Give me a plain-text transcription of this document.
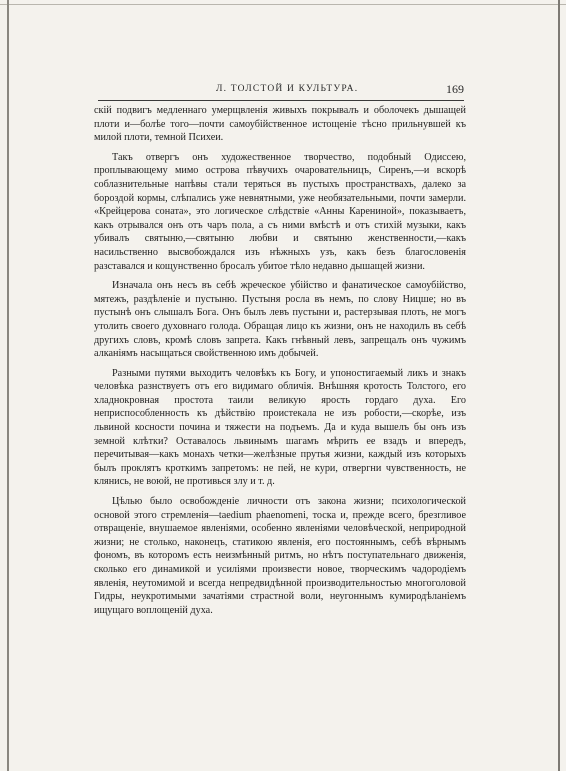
Л. ТОЛСТОЙ И КУЛЬТУРА.	169

скій подвигъ медленнаго умерщвленія живыхъ покрывалъ и оболочекъ дышащей плоти и—болѣе того—почти самоубійственное истощеніе тѣсно прильнувшей къ милой плоти, темной Психеи.

Такъ отвергъ онъ художественное творчество, подобный Одиссею, проплывающему мимо острова пѣвучихъ очаровательницъ, Сиренъ,—и вскорѣ соблазнительные напѣвы стали теряться въ пустыхъ пространствахъ, далеко за бороздой кормы, слѣпались уже невнятными, уже необязательными, почти замерли. «Крейцерова соната», это логическое слѣдствіе «Анны Карениной», показываетъ, какъ отрывался онъ отъ чаръ пола, а съ ними вмѣстѣ и отъ стихій музыки, какъ убивалъ святыню,—святыню любви и святыню женственности,—какъ насильственно высвобождался изъ нѣжныхъ узъ, какъ безъ благословенія разставался и кощунственно бросалъ убитое тѣло недавно дышащей жизни.

Изначала онъ несъ въ себѣ жреческое убійство и фанатическое самоубійство, мятежъ, раздѣленіе и пустыню. Пустыня росла въ немъ, по слову Ницше; но въ пустынѣ онъ слышалъ Бога. Онъ былъ левъ пустыни и, растерзывая плоть, не могъ утолить своего духовнаго голода. Обращая лицо къ жизни, онъ не находилъ въ себѣ другихъ словъ, кромѣ словъ запрета. Какъ гнѣвный левъ, запрещалъ онъ чужимъ алканіямъ насыщаться свойственною имъ добычей.

Разными путями выходитъ человѣкъ къ Богу, и упоностигаемый ликъ и знакъ человѣка разнствуетъ отъ его видимаго обличія. Внѣшняя кротость Толстого, его хладнокровная простота таили великую ярость гордаго духа. Его неприспособленность къ дѣйствію проистекала не изъ робости,—скорѣе, изъ львиной косности почина и тяжести на подъемъ. Да и куда вышелъ бы онъ изъ земной клѣтки? Оставалось львинымъ шагамъ мѣрить ее взадъ и впередъ, перечитывая—какъ монахъ четки—желѣзные прутья жизни, каждый изъ которыхъ былъ проклятъ кроткимъ запретомъ: не пей, не кури, отвергни чувственность, не клянись, не воюй, не противься злу и т. д.

Цѣлью было освобожденіе личности отъ закона жизни; психологической основой этого стремленія—taedium phaenomeni, тоска и, прежде всего, брезгливое отвращеніе, внушаемое явленіями, особенно явленіями человѣческой, неприродной жизни; не столько, наконецъ, статикою явленія, его постояннымъ, себѣ вѣрнымъ фономъ, въ которомъ есть неизмѣнный ритмъ, но нѣтъ поступательнаго движенія, сколько его динамикой и усиліями произвести новое, творческимъ чадородіемъ явленія, неутомимой и всегда непредвидѣнной производительностью многоголовой Гидры, неукротимыми зачатіями страстной воли, неугоннымъ кумиродѣланіемъ ищущаго воплощеній духа.
